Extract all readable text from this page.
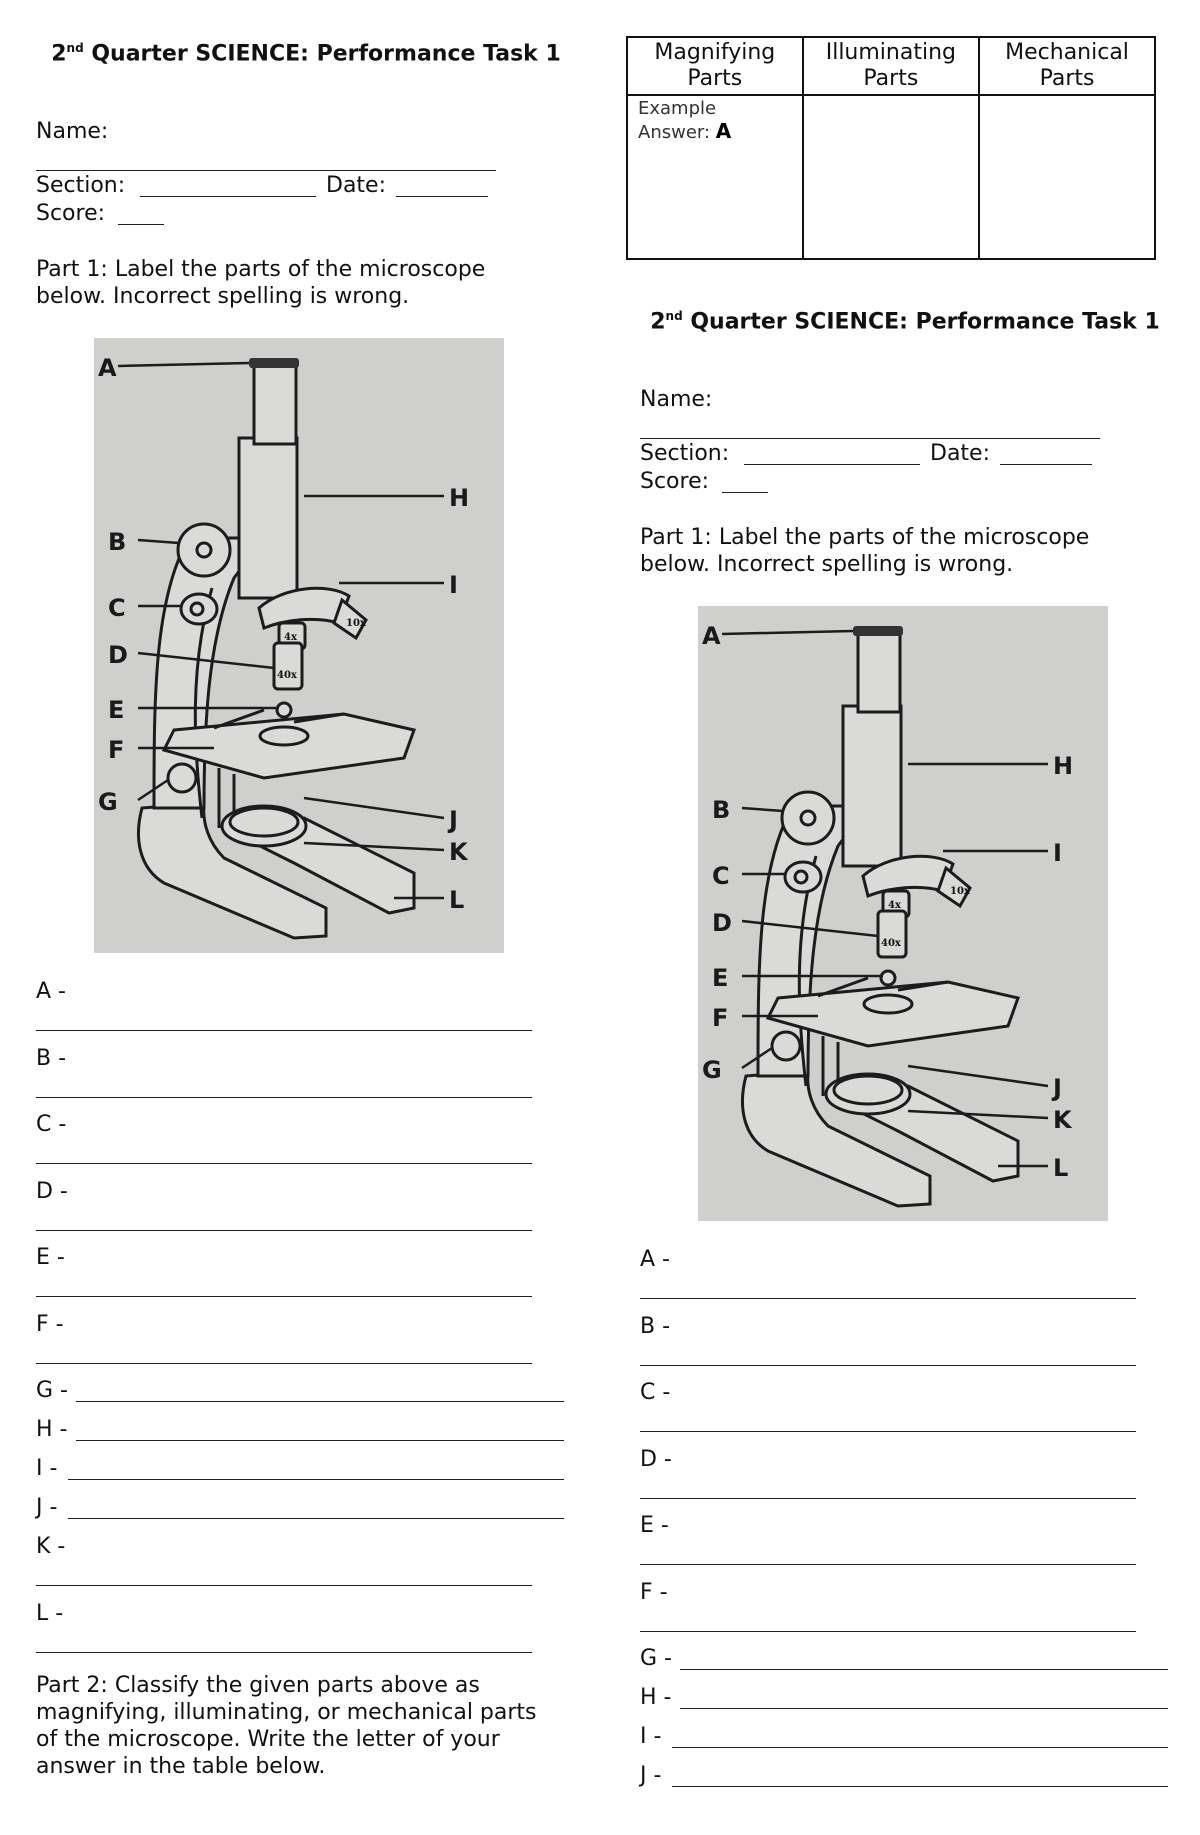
2nd Quarter SCIENCE: Performance Task 1
Name:
Section:	Date:
Score:
Part 1: Label the parts of the microscope below. Incorrect spelling is wrong.
4x
10x
40x
A
B
C
D
E
F
G
H
I
J
K
L
A -
B -
C -
D -
E -
F -
G -
H -
I -
J -
K -
L -
Part 2: Classify the given parts above as magnifying, illuminating, or mechanical parts of the microscope. Write the letter of your answer in the table below.
Magnifying Parts	Illuminating Parts	Mechanical Parts
Example Answer: A		
2nd Quarter SCIENCE: Performance Task 1
Name:
Section:	Date:
Score:
Part 1: Label the parts of the microscope below. Incorrect spelling is wrong.
4x
10x
40x
A
B
C
D
E
F
G
H
I
J
K
L
A -
B -
C -
D -
E -
F -
G -
H -
I -
J -
